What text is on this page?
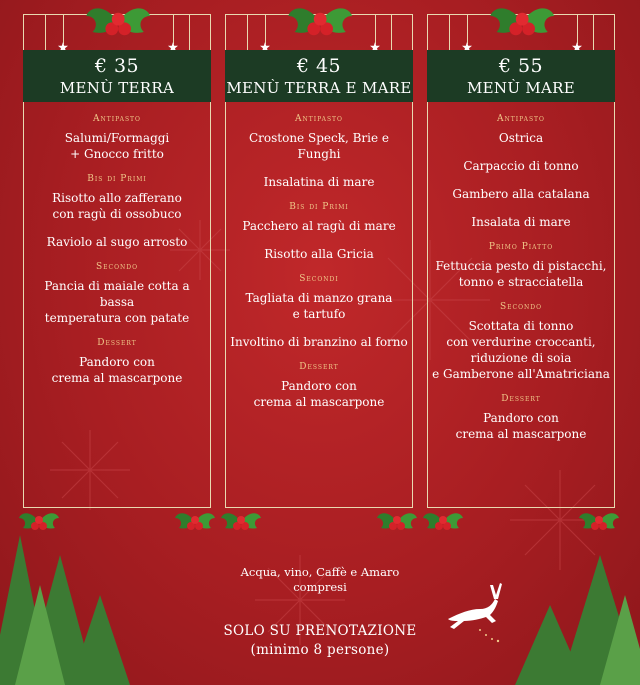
€ 35
MENÙ TERRA
Antipasto
Salumi/Formaggi
+ Gnocco fritto
Bis di Primi
Risotto allo zafferano
con ragù di ossobuco
Raviolo al sugo arrosto
Secondo
Pancia di maiale cotta a bassa
temperatura con patate
Dessert
Pandoro con
crema al mascarpone
€ 45
MENÙ TERRA E MARE
Antipasto
Crostone Speck, Brie e Funghi
Insalatina di mare
Bis di Primi
Pacchero al ragù di mare
Risotto alla Gricia
Secondi
Tagliata di manzo grana
e tartufo
Involtino di branzino al forno
Dessert
Pandoro con
crema al mascarpone
€ 55
MENÙ MARE
Antipasto
Ostrica
Carpaccio di tonno
Gambero alla catalana
Insalata di mare
Primo Piatto
Fettuccia pesto di pistacchi,
tonno e stracciatella
Secondo
Scottata di tonno
con verdurine croccanti,
riduzione di soia
e Gamberone all'Amatriciana
Dessert
Pandoro con
crema al mascarpone
Acqua, vino, Caffè e Amaro
compresi
SOLO SU PRENOTAZIONE
(minimo 8 persone)
